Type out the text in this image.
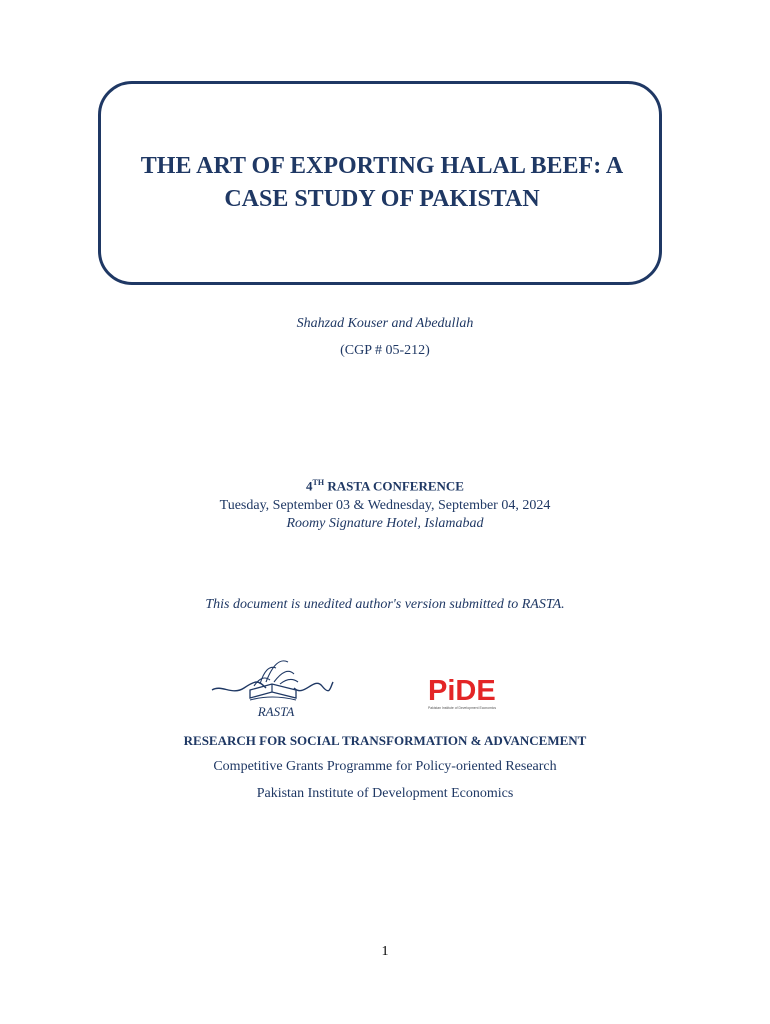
THE ART OF EXPORTING HALAL BEEF: A CASE STUDY OF PAKISTAN

Shahzad Kouser and Abedullah

(CGP # 05-212)

4TH RASTA CONFERENCE

Tuesday, September 03 & Wednesday, September 04, 2024

Roomy Signature Hotel, Islamabad

This document is unedited author's version submitted to RASTA.

RASTA
PiDE
Pakistan Institute of Development Economics

RESEARCH FOR SOCIAL TRANSFORMATION & ADVANCEMENT

Competitive Grants Programme for Policy-oriented Research

Pakistan Institute of Development Economics

1
